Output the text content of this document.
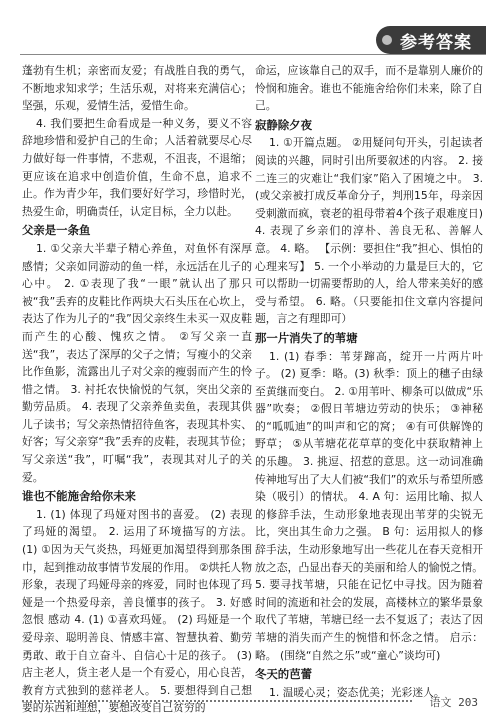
参考答案

蓬勃有生机；亲密而友爱；有战胜自我的勇气，不断地求知求学；生活乐观，对将来充满信心；坚强，乐观，爱情生活，爱惜生命。

4. 我们要把生命看成是一种义务，要义不容辞地珍惜和爱护自己的生命；人活着就要尽心尽力做好每一件事情，不悲观，不沮丧，不退缩；更应该在追求中创造价值，生命不息，追求不止。作为青少年，我们要好好学习，珍惜时光，热爱生命，明确责任，认定目标，全力以赴。

父亲是一条鱼

1. ①父亲大半辈子精心养鱼，对鱼怀有深厚感情；父亲如同游动的鱼一样，永远活在儿子的心中。 2. ①表现了我“一眼”就认出了那只被“我”丢弃的皮鞋比作两块大石头压在心坎上，表达了作为儿子的“我”因父亲终生未买一双皮鞋而产生的心酸、愧疚之情。 ②写父亲一直送“我”，表达了深厚的父子之情；写瘦小的父亲比作鱼影，流露出儿子对父亲的瘦弱而产生的怜惜之情。 3. 衬托农快愉悦的气氛，突出父亲的勤劳品质。 4. 表现了父亲养鱼卖鱼，表现其供儿子读书；写父亲热情招待鱼客，表现其朴实、好客；写父亲穿“我”丢弃的皮鞋，表现其节俭；写父亲送“我”，叮嘱“我”，表现其对儿子的关爱。

谁也不能施舍给你未来

1. (1) 体现了玛娅对图书的喜爱。 (2) 表现了玛娅的渴望。 2. 运用了环境描写的方法。 (1) ①因为天气炎热，玛娅更加渴望得到那条围巾，起到推动故事情节发展的作用。 ②烘托人物形象，表现了玛娅母亲的疼爱，同时也体现了玛娅是一个热爱母亲，善良懂事的孩子。 3. 好感 忽恨 感动 4. (1) ①喜欢玛娅。 (2) 玛娅是一个爱母亲、聪明善良、情感丰富、智慧执着、勤劳勇敢、敢于自立奋斗、自信心十足的孩子。 (3) 店主老人，货主老人是一个有爱心，用心良苦，教育方式独到的慈祥老人。 5. 要想得到自己想要的东西和理想，要想改变自己贫穷的

命运，应该靠自己的双手，而不是靠别人廉价的怜悯和施舍。谁也不能施舍给你们未来，除了自己。

寂静除夕夜

1. ①开篇点题。 ②用疑问句开头，引起读者阅读的兴趣，同时引出所要叙述的内容。 2. 接二连三的灾难让“我们家”陷入了困境之中。 3. (或父亲被打成反革命分子，判刑15年，母亲因受刺激而疯，衰老的祖母带着4个孩子艰难度日) 4. 表现了乡亲们的淳朴、善良无私、善解人意。 4. 略。 【示例：要担住“我”担心、惧怕的心理来写】 5. 一个小举动的力量是巨大的，它可以帮助一切需要帮助的人，给人带来美好的感受与希望。 6. 略。（只要能扣住文章内容提问题，言之有理即可）

那一片消失了的苇塘

1. (1) 春季：苇芽蹿高，绽开一片两片叶子。 (2) 夏季：略。(3) 秋季：顶上的穗子由绿至黄继而变白。 2. ①用苇叶、柳条可以做成“乐器”吹奏； ②假日苇塘边劳动的快乐； ③神秘的“呱呱迪”的叫声和它的窝； ④有可供解馋的野草； ⑤从苇塘花花草草的变化中获取精神上的乐趣。 3. 挑逗、招惹的意思。这一动词准确传神地写出了大人们被“我们”的欢乐与希望所感染（吸引）的情状。 4. A 句：运用比喻、拟人的修辞手法，生动形象地表现出苇芽的尖锐无比，突出其生命力之强。 B 句：运用拟人的修辞手法，生动形象地写出一些花儿在春天竞相开放之态，凸显出春天的美丽和给人的愉悦之情。 5. 要寻找苇塘，只能在记忆中寻找。因为随着时间的流逝和社会的发展，高楼林立的繁华景象取代了苇塘，苇塘已经一去不复返了；表达了因苇塘的消失而产生的惋惜和怀念之情。 启示：略。 (围绕“自然之乐”或“童心”谈均可)

冬天的芭蕾

1. 温暖心灵；姿态优美；光彩迷人。

语文 203
